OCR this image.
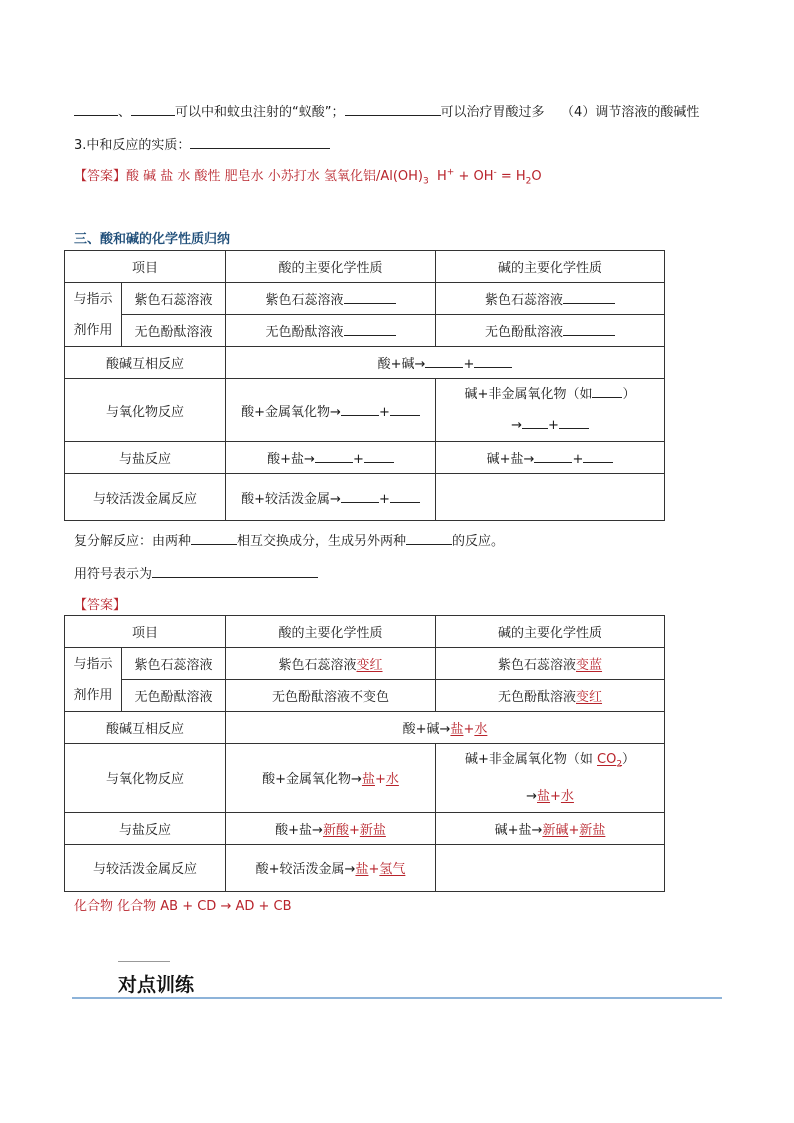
、	可以中和蚊虫注射的“蚁酸”；	可以治疗胃酸过多 （4）调节溶液的酸碱性
3.中和反应的实质：
【答案】酸 碱 盐 水 酸性 肥皂水 小苏打水 氢氧化铝$/Al(OH)_3$ $H^+ + OH^- = H_2O$
三、酸和碱的化学性质归纳
项目		酸的主要化学性质	碱的主要化学性质
与指示
剂作用	紫色石蕊溶液	紫色石蕊溶液	紫色石蕊溶液
	无色酚酞溶液	无色酚酞溶液	无色酚酞溶液
酸碱互相反应		酸+碱→ +	
与氧化物反应		酸+金属氧化物→ +	碱+非金属氧化物（如 ）
→ +
与盐反应		酸+盐→ +	碱+盐→ +
与较活泼金属反应		酸+较活泼金属→ +	
复分解反应：由两种	相互交换成分，生成另外两种	的反应。
用符号表示为
【答案】
项目		酸的主要化学性质	碱的主要化学性质
与指示
剂作用	紫色石蕊溶液	紫色石蕊溶液变红	紫色石蕊溶液变蓝
	无色酚酞溶液	无色酚酞溶液不变色	无色酚酞溶液变红
酸碱互相反应		酸+碱→盐+水	
与氧化物反应		酸+金属氧化物→盐+水	碱+非金属氧化物（如 $CO_2$）
→盐+水
与盐反应		酸+盐→新酸+新盐	碱+盐→新碱+新盐
与较活泼金属反应		酸+较活泼金属→盐+氢气	
化合物 化合物 AB + CD → AD + CB
对点训练
